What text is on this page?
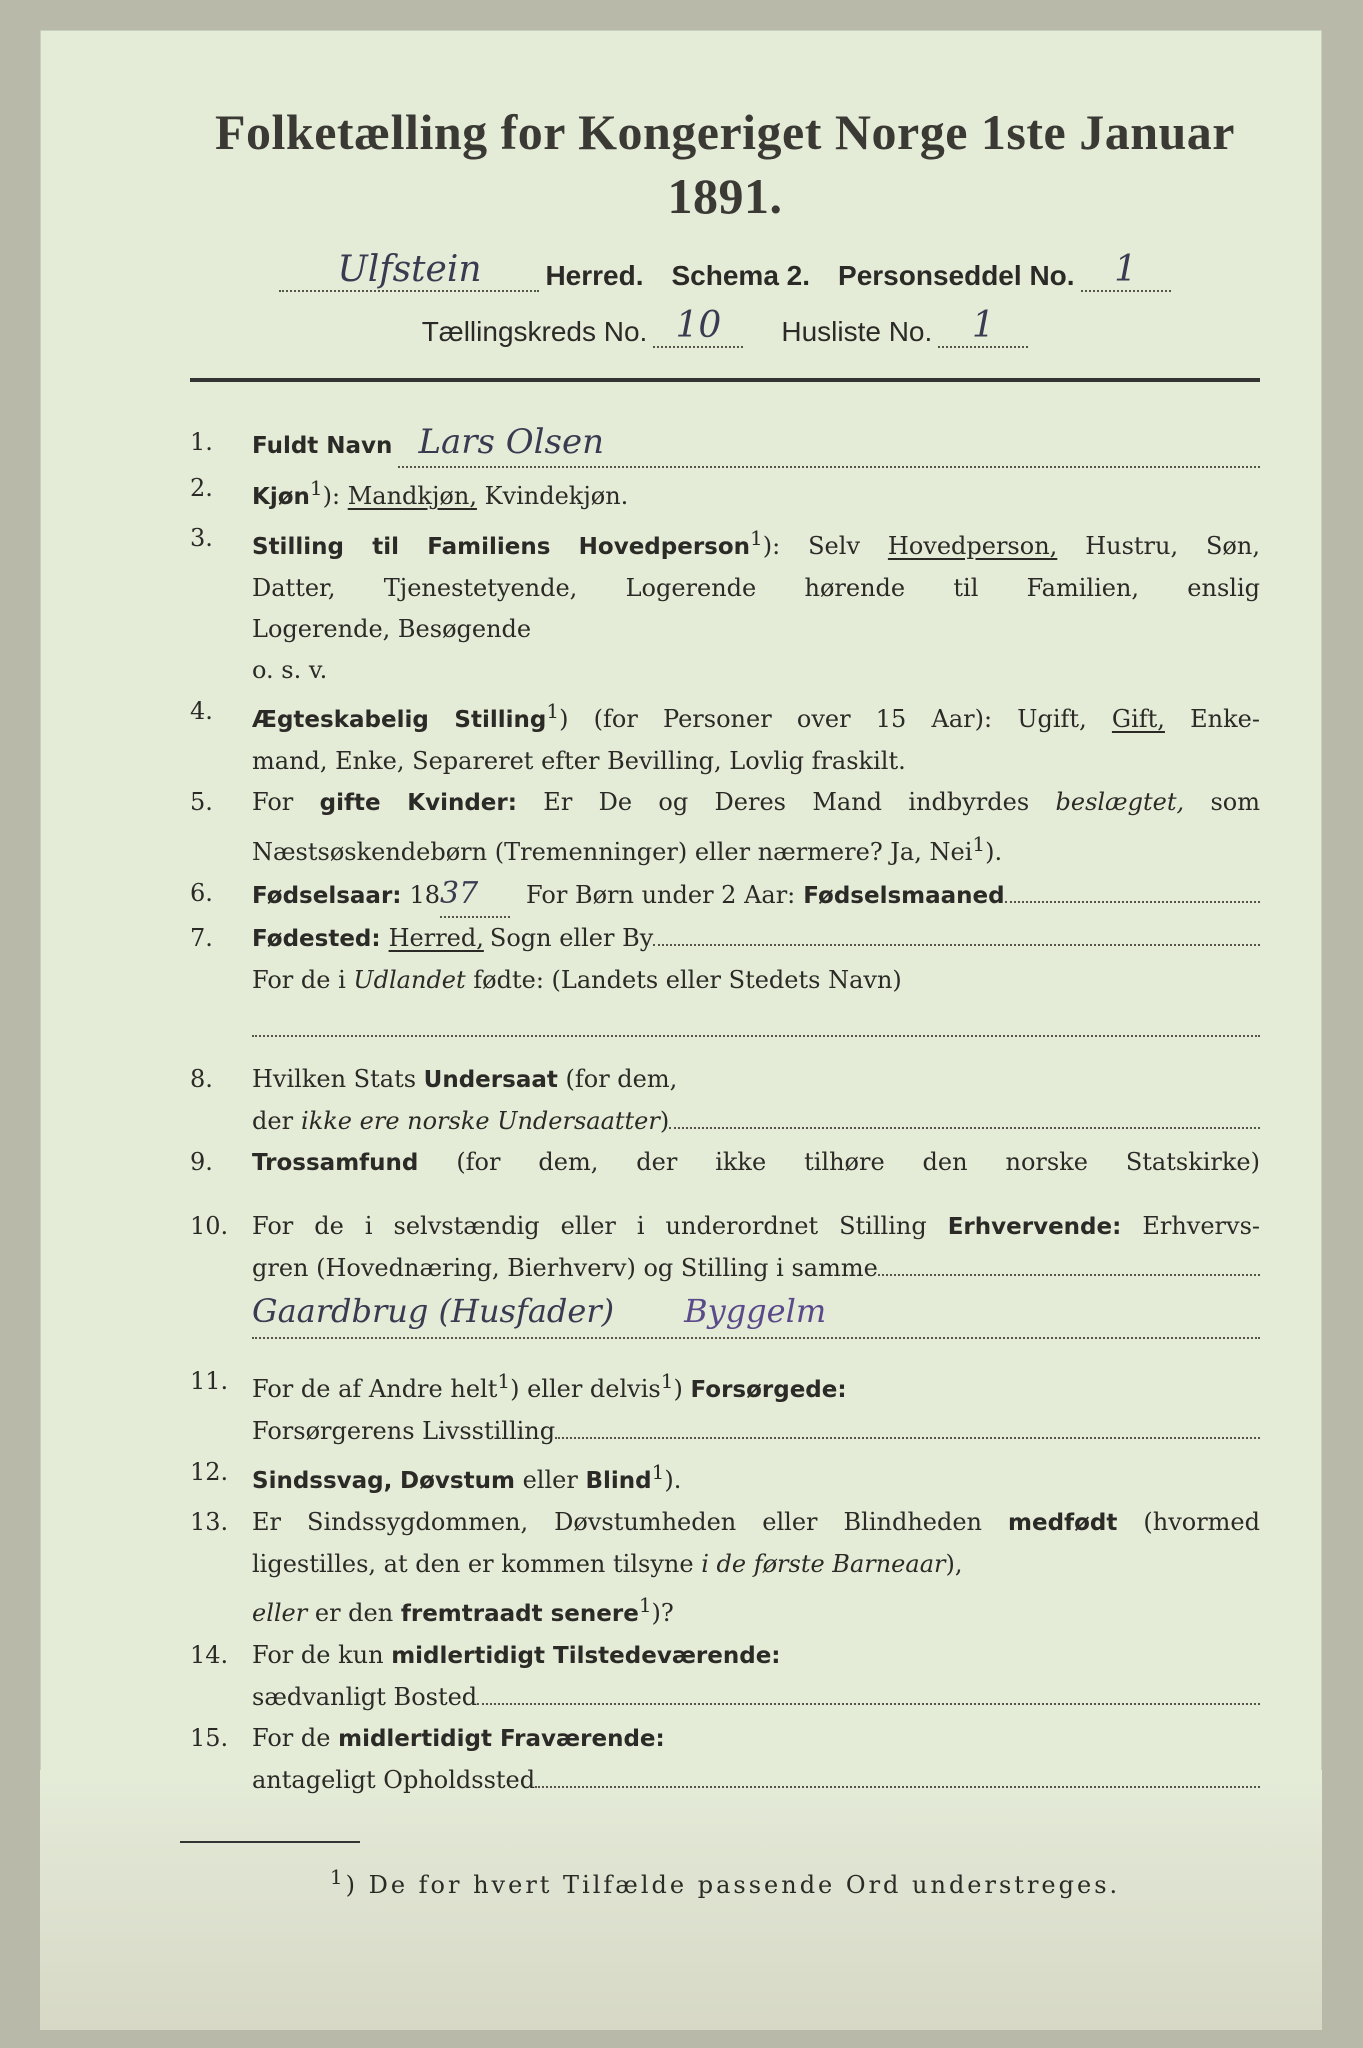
Folketælling for Kongeriget Norge 1ste Januar 1891.
Ulfstein	Herred. Schema 2. Personseddel No.	1
Tællingskreds No. 10	Husliste No.	1
1.	Fuldt Navn Lars Olsen
2.	Kjøn$^1$): Mandkjøn, Kvindekjøn.
3.	Stilling til Familiens Hovedperson$^1$): Selv Hovedperson, Hustru, Søn,
Datter, Tjenestetyende, Logerende hørende til Familien, enslig
Logerende, Besøgende
o. s. v.
4.	Ægteskabelig Stilling$^1$) (for Personer over 15 Aar): Ugift, Gift, Enke-
mand, Enke, Separeret efter Bevilling, Lovlig fraskilt.
5.	For gifte Kvinder: Er De og Deres Mand indbyrdes beslægtet, som
Næstsøskendebørn (Tremenninger) eller nærmere? Ja, Nei$^1$).
6.	Fødselsaar: 18 37	For Børn under 2 Aar: Fødselsmaaned
7.	Fødested: Herred, Sogn eller By
For de i Udlandet fødte: (Landets eller Stedets Navn)
8.	Hvilken Stats Undersaat (for dem,
der ikke ere norske Undersaatter )
9.	Trossamfund (for dem, der ikke tilhøre den norske Statskirke)
10. For de i selvstændig eller i underordnet Stilling Erhvervende: Erhvervs-
gren (Hovednæring, Bierhverv) og Stilling i samme
Gaardbrug (Husfader) Byggelm
11. For de af Andre helt$^1$) eller delvis$^1$) Forsørgede:
Forsørgerens Livsstilling
12.	Sindssvag, Døvstum eller Blind$^1$).
13. Er Sindssygdommen, Døvstumheden eller Blindheden medfødt (hvormed
ligestilles, at den er kommen tilsyne i de første Barneaar),
eller er den fremtraadt senere$^1$)?
14. For de kun midlertidigt Tilstedeværende:
sædvanligt Bosted
15. For de midlertidigt Fraværende:
antageligt Opholdssted
$^1$) De for hvert Tilfælde passende Ord understreges.
